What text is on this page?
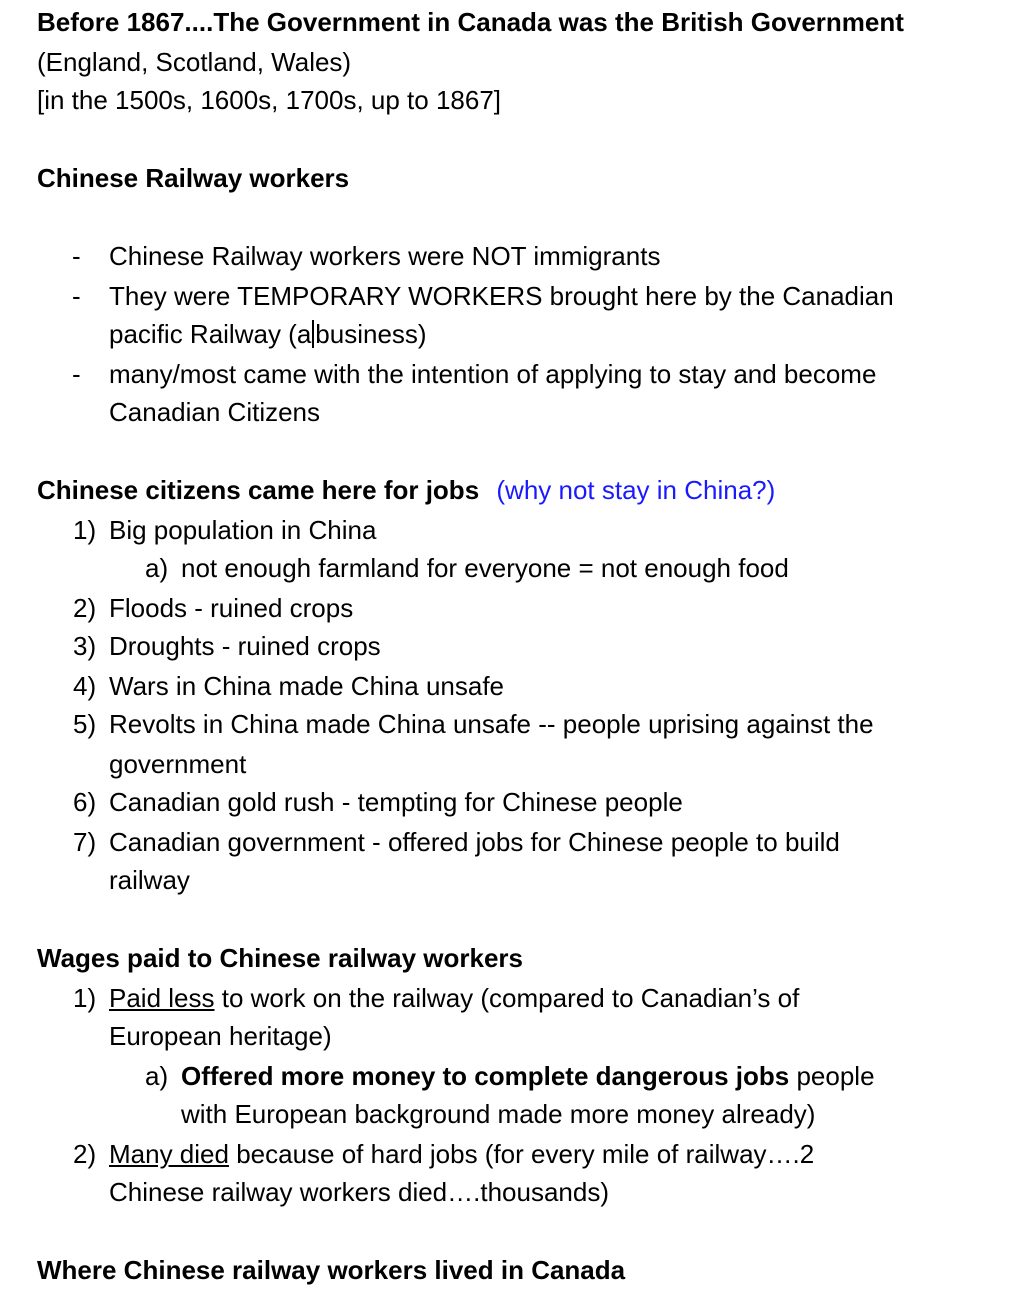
Before 1867....The Government in Canada was the British Government
(England, Scotland, Wales)
[in the 1500s, 1600s, 1700s, up to 1867]
Chinese Railway workers
- Chinese Railway workers were NOT immigrants
- They were TEMPORARY WORKERS brought here by the Canadian
pacific Railway (a business)
- many/most came with the intention of applying to stay and become
Canadian Citizens
Chinese citizens came here for jobs (why not stay in China?)
1) Big population in China
a) not enough farmland for everyone = not enough food
2) Floods - ruined crops
3) Droughts - ruined crops
4) Wars in China made China unsafe
5) Revolts in China made China unsafe -- people uprising against the
government
6) Canadian gold rush - tempting for Chinese people
7) Canadian government - offered jobs for Chinese people to build
railway
Wages paid to Chinese railway workers
1) Paid less to work on the railway (compared to Canadian’s of
European heritage)
a) Offered more money to complete dangerous jobs people
with European background made more money already)
2) Many died because of hard jobs (for every mile of railway….2
Chinese railway workers died….thousands)
Where Chinese railway workers lived in Canada
